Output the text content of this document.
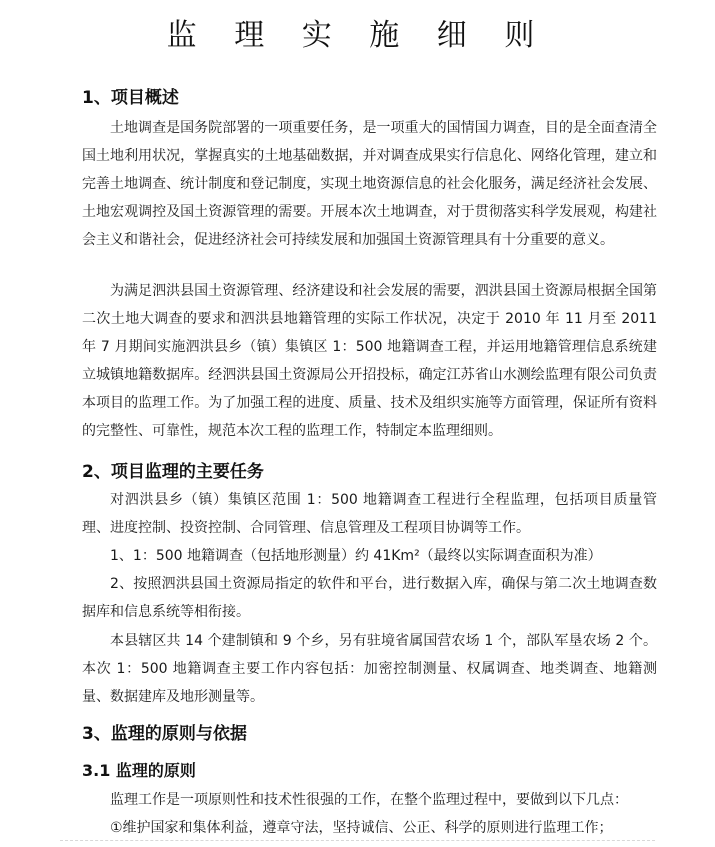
监 理 实 施 细 则
1、项目概述

土地调查是国务院部署的一项重要任务，是一项重大的国情国力调查，目的是全面查清全国土地利用状况，掌握真实的土地基础数据，并对调查成果实行信息化、网络化管理，建立和完善土地调查、统计制度和登记制度，实现土地资源信息的社会化服务，满足经济社会发展、土地宏观调控及国土资源管理的需要。开展本次土地调查，对于贯彻落实科学发展观，构建社会主义和谐社会，促进经济社会可持续发展和加强国土资源管理具有十分重要的意义。

为满足泗洪县国土资源管理、经济建设和社会发展的需要，泗洪县国土资源局根据全国第二次土地大调查的要求和泗洪县地籍管理的实际工作状况，决定于 2010 年 11 月至 2011 年 7 月期间实施泗洪县乡（镇）集镇区 1：500 地籍调查工程，并运用地籍管理信息系统建立城镇地籍数据库。经泗洪县国土资源局公开招投标，确定江苏省山水测绘监理有限公司负责本项目的监理工作。为了加强工程的进度、质量、技术及组织实施等方面管理，保证所有资料的完整性、可靠性，规范本次工程的监理工作，特制定本监理细则。

2、项目监理的主要任务

对泗洪县乡（镇）集镇区范围 1：500 地籍调查工程进行全程监理，包括项目质量管理、进度控制、投资控制、合同管理、信息管理及工程项目协调等工作。

1、1：500 地籍调查（包括地形测量）约 41Km²（最终以实际调查面积为准）

2、按照泗洪县国土资源局指定的软件和平台，进行数据入库，确保与第二次土地调查数据库和信息系统等相衔接。

本县辖区共 14 个建制镇和 9 个乡，另有驻境省属国营农场 1 个，部队军垦农场 2 个。本次 1：500 地籍调查主要工作内容包括：加密控制测量、权属调查、地类调查、地籍测量、数据建库及地形测量等。

3、监理的原则与依据
3.1 监理的原则
监理工作是一项原则性和技术性很强的工作，在整个监理过程中，要做到以下几点：
①维护国家和集体利益，遵章守法，坚持诚信、公正、科学的原则进行监理工作；
